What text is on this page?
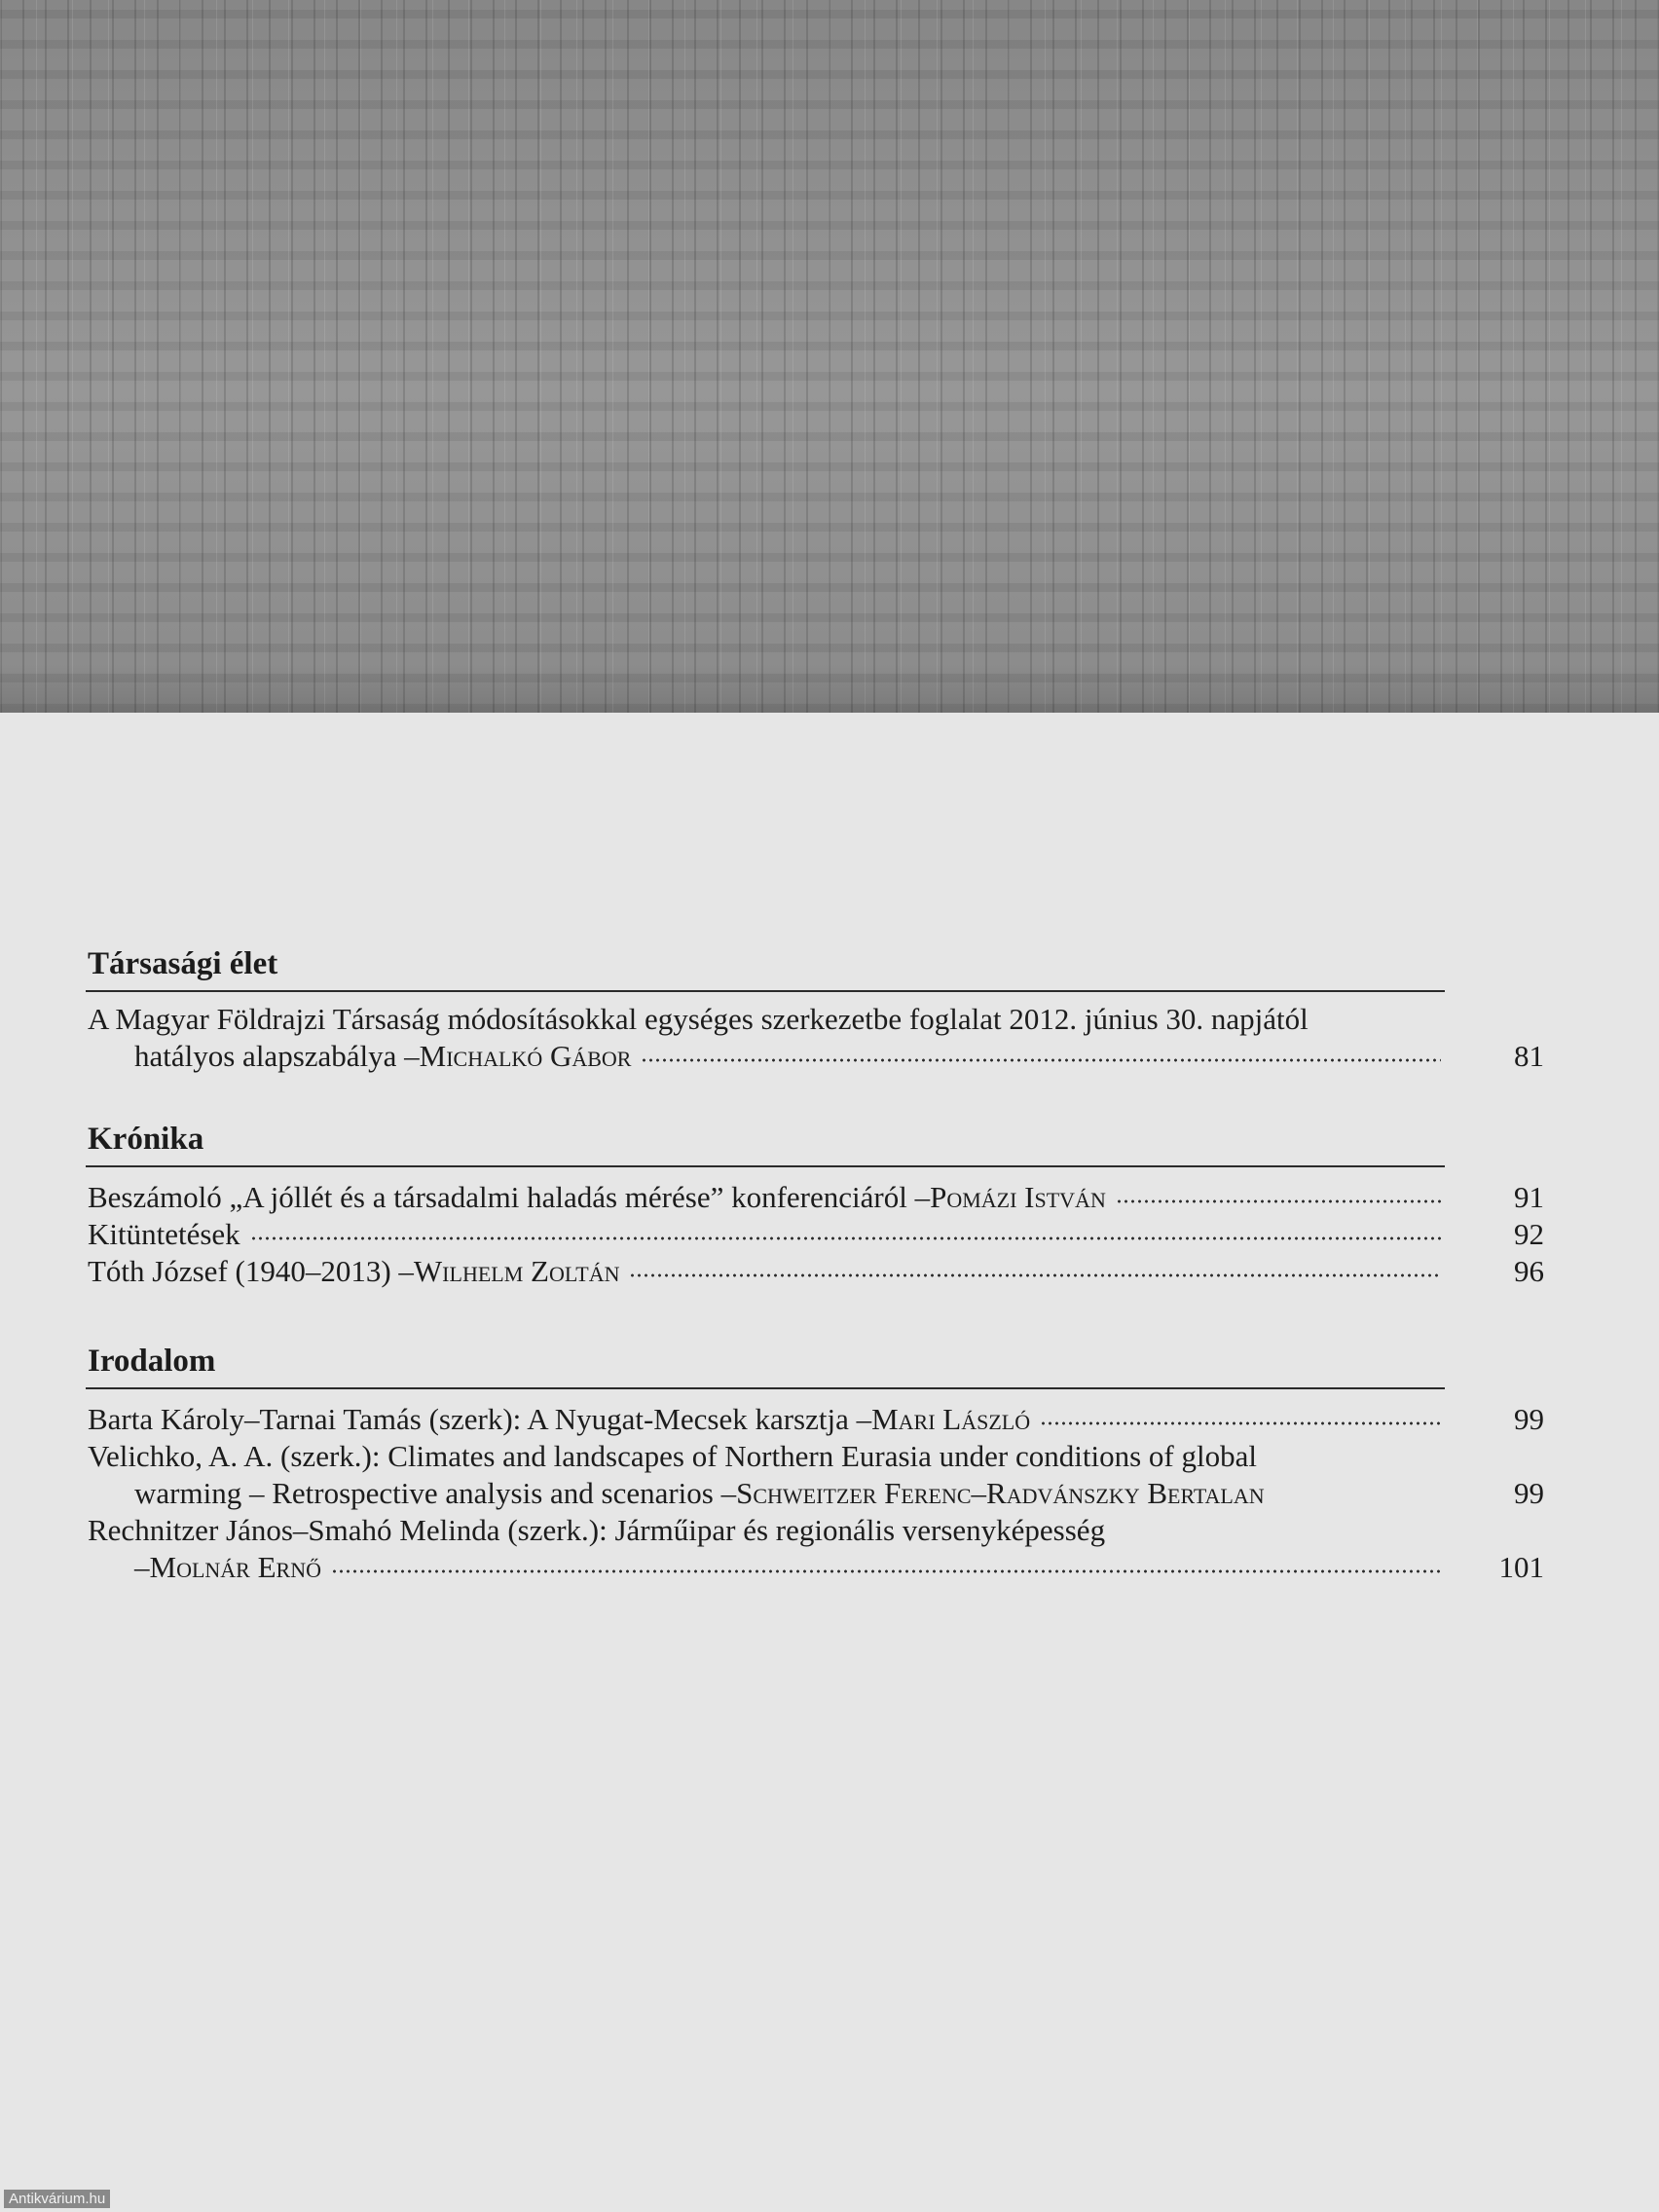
Társasági élet
A Magyar Földrajzi Társaság módosításokkal egységes szerkezetbe foglalat 2012. június 30. napjától
hatályos alapszabálya – Michalkó Gábor	81
Krónika
Beszámoló „A jóllét és a társadalmi haladás mérése” konferenciáról – Pomázi István	91
Kitüntetések	92
Tóth József (1940–2013) – Wilhelm Zoltán	96
Irodalom
Barta Károly–Tarnai Tamás (szerk): A Nyugat-Mecsek karsztja – Mari László	99
Velichko, A. A. (szerk.): Climates and landscapes of Northern Eurasia under conditions of global
warming – Retrospective analysis and scenarios – Schweitzer Ferenc–Radvánszky Bertalan	99
Rechnitzer János–Smahó Melinda (szerk.): Járműipar és regionális versenyképesség
– Molnár Ernő	101
Antikvárium.hu
